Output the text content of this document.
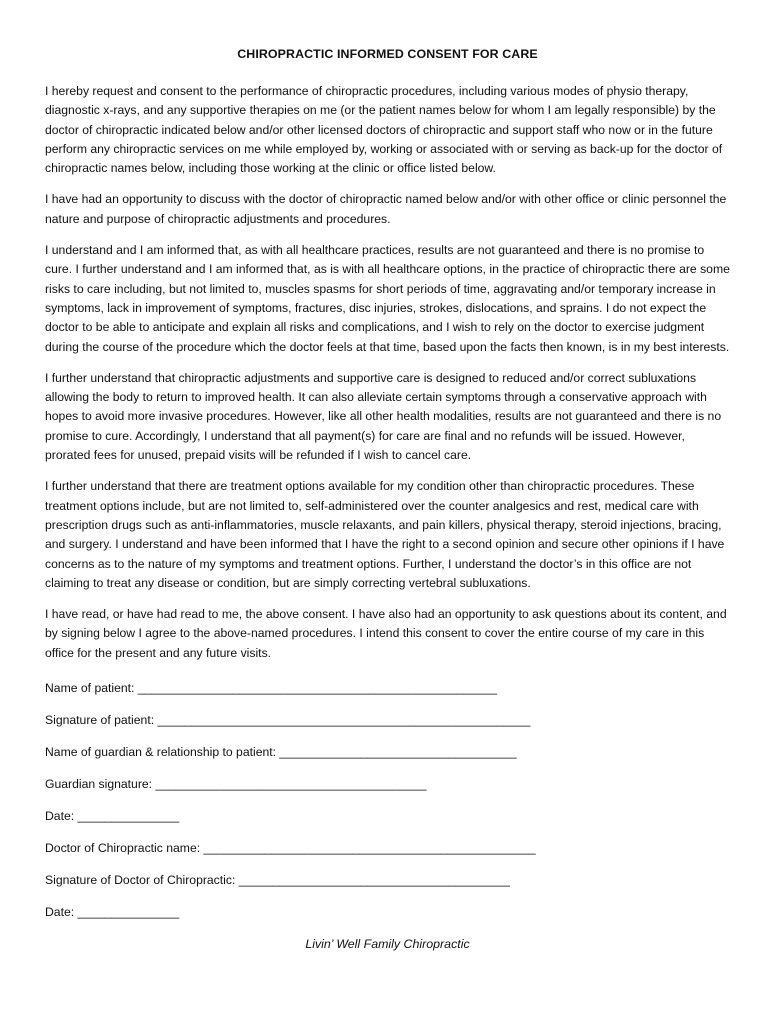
CHIROPRACTIC INFORMED CONSENT FOR CARE

I hereby request and consent to the performance of chiropractic procedures, including various modes of physio therapy, diagnostic x-rays, and any supportive therapies on me (or the patient names below for whom I am legally responsible) by the doctor of chiropractic indicated below and/or other licensed doctors of chiropractic and support staff who now or in the future perform any chiropractic services on me while employed by, working or associated with or serving as back-up for the doctor of chiropractic names below, including those working at the clinic or office listed below.

I have had an opportunity to discuss with the doctor of chiropractic named below and/or with other office or clinic personnel the nature and purpose of chiropractic adjustments and procedures.

I understand and I am informed that, as with all healthcare practices, results are not guaranteed and there is no promise to cure. I further understand and I am informed that, as is with all healthcare options, in the practice of chiropractic there are some risks to care including, but not limited to, muscles spasms for short periods of time, aggravating and/or temporary increase in symptoms, lack in improvement of symptoms, fractures, disc injuries, strokes, dislocations, and sprains. I do not expect the doctor to be able to anticipate and explain all risks and complications, and I wish to rely on the doctor to exercise judgment during the course of the procedure which the doctor feels at that time, based upon the facts then known, is in my best interests.

I further understand that chiropractic adjustments and supportive care is designed to reduced and/or correct subluxations allowing the body to return to improved health. It can also alleviate certain symptoms through a conservative approach with hopes to avoid more invasive procedures. However, like all other health modalities, results are not guaranteed and there is no promise to cure. Accordingly, I understand that all payment(s) for care are final and no refunds will be issued. However, prorated fees for unused, prepaid visits will be refunded if I wish to cancel care.

I further understand that there are treatment options available for my condition other than chiropractic procedures. These treatment options include, but are not limited to, self-administered over the counter analgesics and rest, medical care with prescription drugs such as anti-inflammatories, muscle relaxants, and pain killers, physical therapy, steroid injections, bracing, and surgery. I understand and have been informed that I have the right to a second opinion and secure other opinions if I have concerns as to the nature of my symptoms and treatment options. Further, I understand the doctor’s in this office are not claiming to treat any disease or condition, but are simply correcting vertebral subluxations.

I have read, or have had read to me, the above consent. I have also had an opportunity to ask questions about its content, and by signing below I agree to the above-named procedures. I intend this consent to cover the entire course of my care in this office for the present and any future visits.

Name of patient: _____________________________________________________
Signature of patient: _______________________________________________________
Name of guardian & relationship to patient: ___________________________________
Guardian signature: ________________________________________
Date: _______________
Doctor of Chiropractic name: _________________________________________________
Signature of Doctor of Chiropractic: ________________________________________
Date: _______________
Livin’ Well Family Chiropractic
